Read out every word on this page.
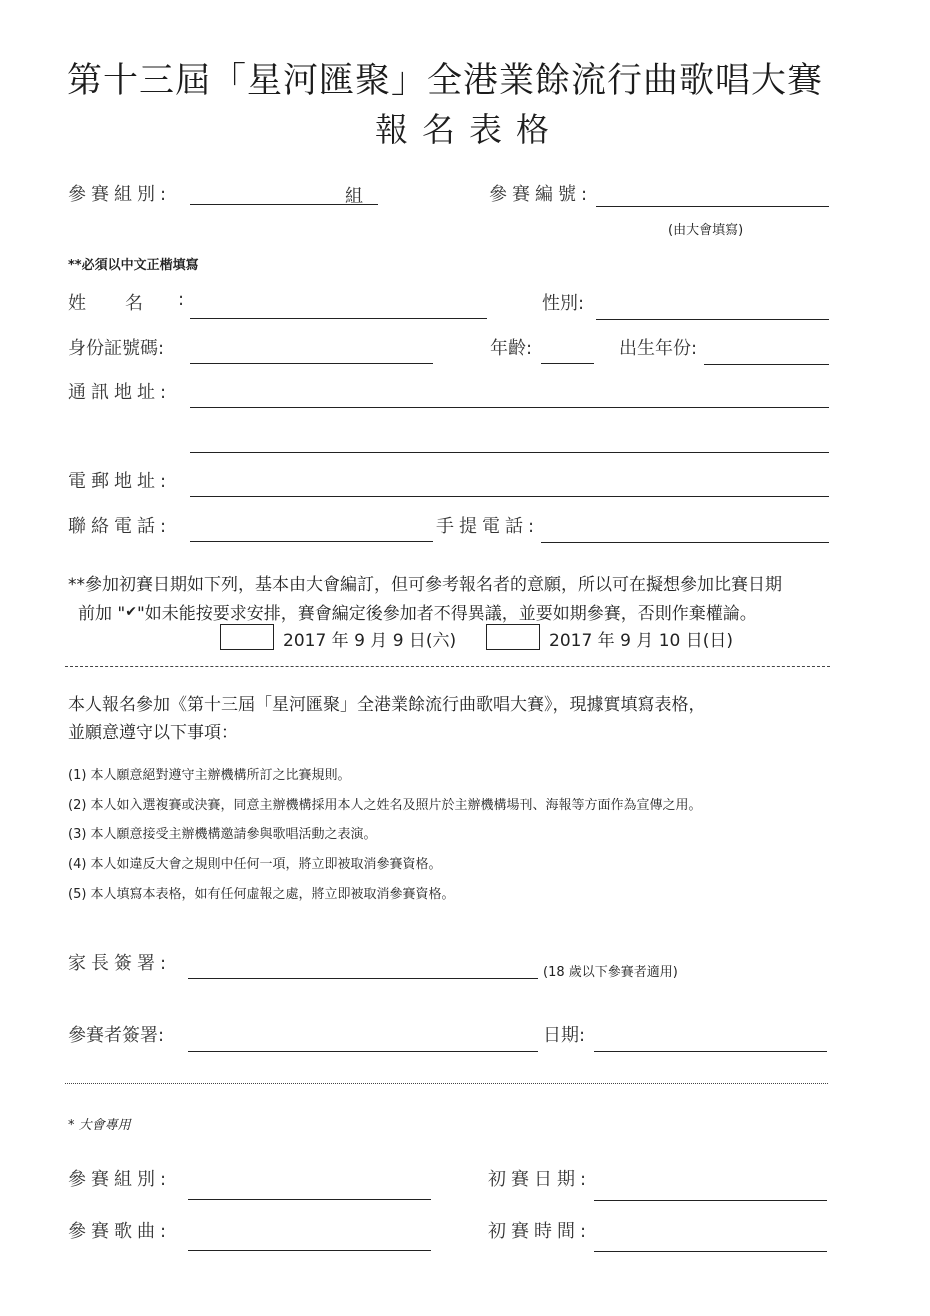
第十三屆「星河匯聚」全港業餘流行曲歌唱大賽
報名表格
參賽組別:	組	參賽編號:
(由大會填寫)
**必須以中文正楷填寫
姓 名 :	性別:
身份証號碼:	年齡:	出生年份:
通訊地址:
電郵地址:
聯絡電話:	手提電話:
**參加初賽日期如下列，基本由大會編訂，但可參考報名者的意願，所以可在擬想參加比賽日期
前加 "✔"如未能按要求安排，賽會編定後參加者不得異議，並要如期參賽，否則作棄權論。
2017 年 9 月 9 日(六)	2017 年 9 月 10 日(日)
本人報名參加《第十三屆「星河匯聚」全港業餘流行曲歌唱大賽》，現據實填寫表格，
並願意遵守以下事項：
(1) 本人願意絕對遵守主辦機構所訂之比賽規則。
(2) 本人如入選複賽或決賽，同意主辦機構採用本人之姓名及照片於主辦機構場刊、海報等方面作為宣傳之用。
(3) 本人願意接受主辦機構邀請參與歌唱活動之表演。
(4) 本人如違反大會之規則中任何一項，將立即被取消參賽資格。
(5) 本人填寫本表格，如有任何虛報之處，將立即被取消參賽資格。
家長簽署:	(18 歲以下參賽者適用)
參賽者簽署:	日期:
* 大會專用
參賽組別:	初賽日期:
參賽歌曲:	初賽時間:
